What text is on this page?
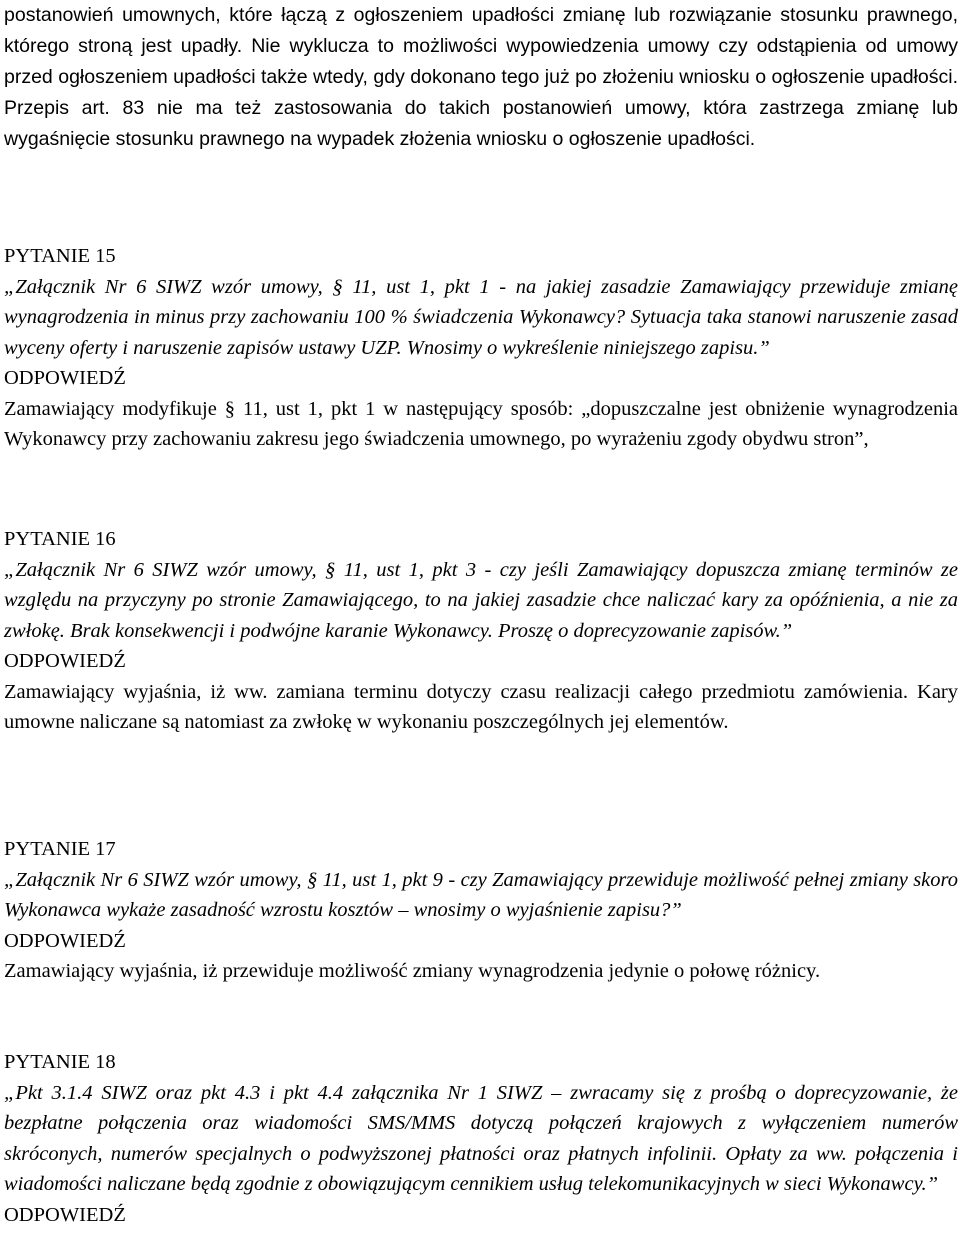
postanowień umownych, które łączą z ogłoszeniem upadłości zmianę lub rozwiązanie stosunku prawnego, którego stroną jest upadły. Nie wyklucza to możliwości wypowiedzenia umowy czy odstąpienia od umowy przed ogłoszeniem upadłości także wtedy, gdy dokonano tego już po złożeniu wniosku o ogłoszenie upadłości. Przepis art. 83 nie ma też zastosowania do takich postanowień umowy, która zastrzega zmianę lub wygaśnięcie stosunku prawnego na wypadek złożenia wniosku o ogłoszenie upadłości.

PYTANIE 15

„Załącznik Nr 6 SIWZ wzór umowy, § 11, ust 1, pkt 1 - na jakiej zasadzie Zamawiający przewiduje zmianę wynagrodzenia in minus przy zachowaniu 100 % świadczenia Wykonawcy? Sytuacja taka stanowi naruszenie zasad wyceny oferty i naruszenie zapisów ustawy UZP. Wnosimy o wykreślenie niniejszego zapisu.”

ODPOWIEDŹ

Zamawiający modyfikuje § 11, ust 1, pkt 1 w następujący sposób: „dopuszczalne jest obniżenie wynagrodzenia Wykonawcy przy zachowaniu zakresu jego świadczenia umownego, po wyrażeniu zgody obydwu stron”,

PYTANIE 16

„Załącznik Nr 6 SIWZ wzór umowy, § 11, ust 1, pkt 3 - czy jeśli Zamawiający dopuszcza zmianę terminów ze względu na przyczyny po stronie Zamawiającego, to na jakiej zasadzie chce naliczać kary za opóźnienia, a nie za zwłokę. Brak konsekwencji i podwójne karanie Wykonawcy. Proszę o doprecyzowanie zapisów.”

ODPOWIEDŹ

Zamawiający wyjaśnia, iż ww. zamiana terminu dotyczy czasu realizacji całego przedmiotu zamówienia. Kary umowne naliczane są natomiast za zwłokę w wykonaniu poszczególnych jej elementów.

PYTANIE 17

„Załącznik Nr 6 SIWZ wzór umowy, § 11, ust 1, pkt 9 - czy Zamawiający przewiduje możliwość pełnej zmiany skoro Wykonawca wykaże zasadność wzrostu kosztów – wnosimy o wyjaśnienie zapisu?”

ODPOWIEDŹ

Zamawiający wyjaśnia, iż przewiduje możliwość zmiany wynagrodzenia jedynie o połowę różnicy.

PYTANIE 18

„Pkt 3.1.4 SIWZ oraz pkt 4.3 i pkt 4.4 załącznika Nr 1 SIWZ – zwracamy się z prośbą o doprecyzowanie, że bezpłatne połączenia oraz wiadomości SMS/MMS dotyczą połączeń krajowych z wyłączeniem numerów skróconych, numerów specjalnych o podwyższonej płatności oraz płatnych infolinii. Opłaty za ww. połączenia i wiadomości naliczane będą zgodnie z obowiązującym cennikiem usług telekomunikacyjnych w sieci Wykonawcy.”

ODPOWIEDŹ
